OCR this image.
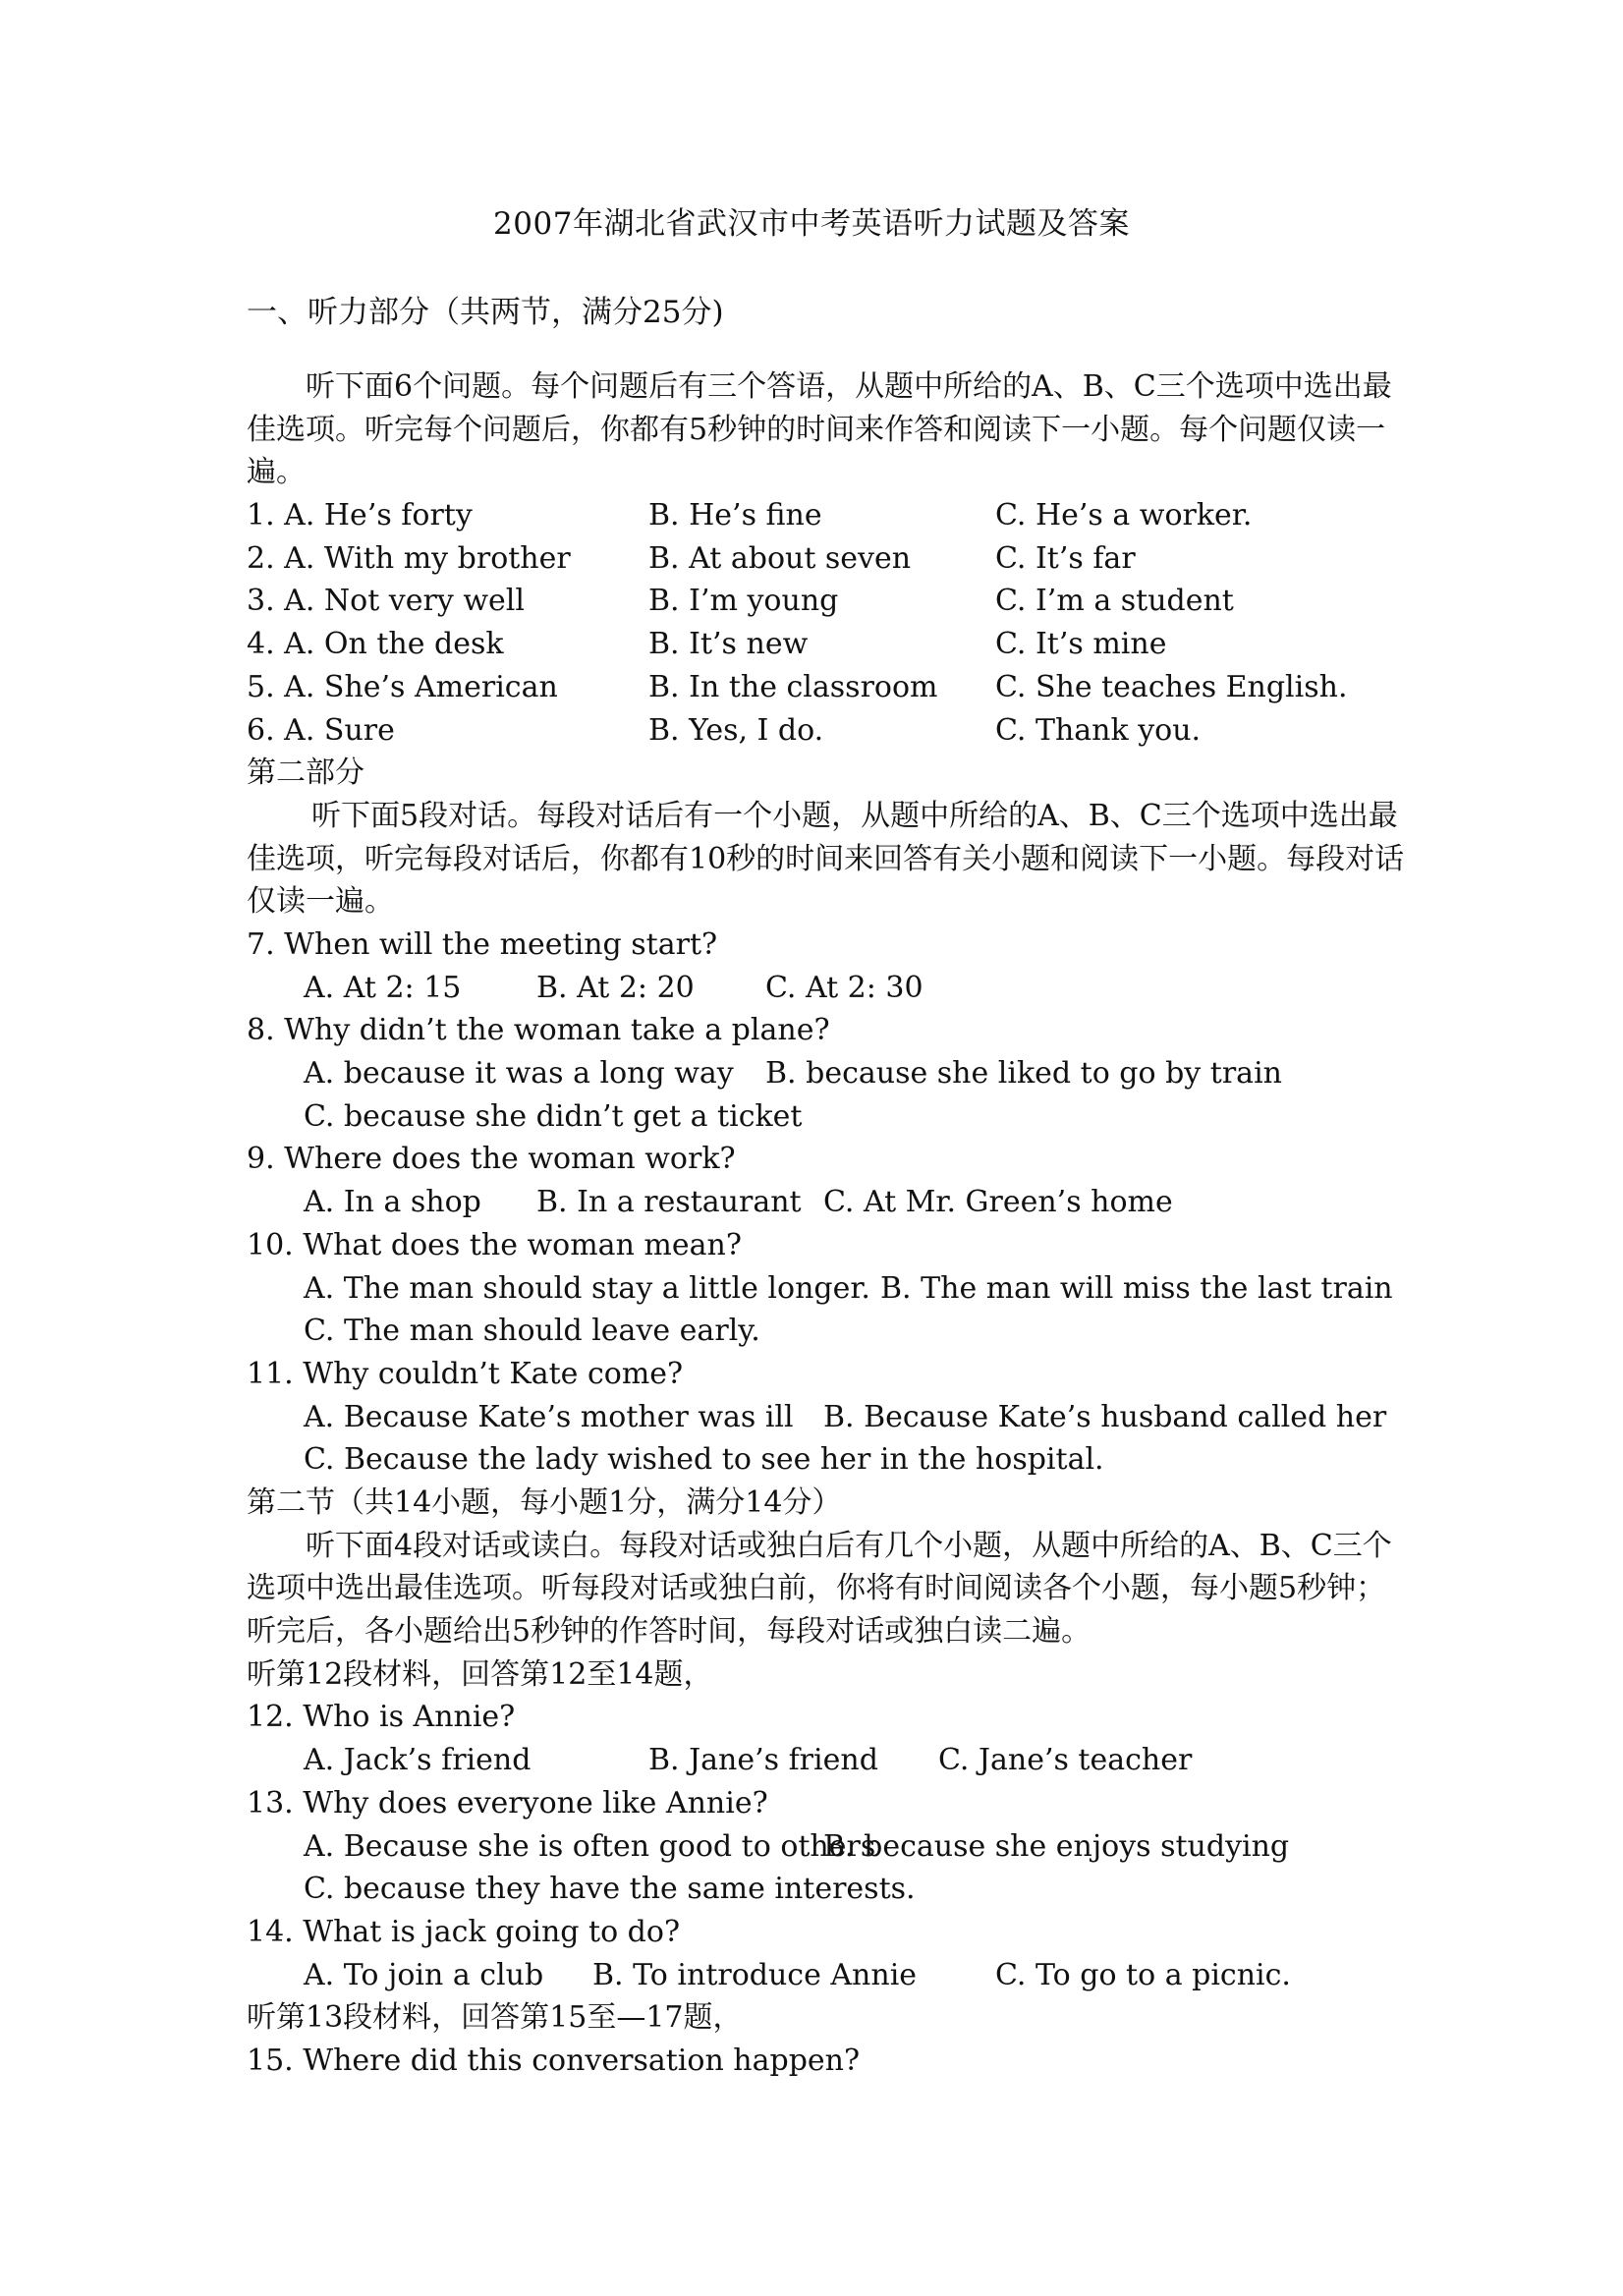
2007年湖北省武汉市中考英语听力试题及答案
一、听力部分（共两节，满分25分)

听下面6个问题。每个问题后有三个答语，从题中所给的A、B、C三个选项中选出最佳选项。听完每个问题后，你都有5秒钟的时间来作答和阅读下一小题。每个问题仅读一遍。

1. A. He’s forty	B. He’s fine	C. He’s a worker.
2. A. With my brother	B. At about seven	C. It’s far
3. A. Not very well	B. I’m young	C. I’m a student
4. A. On the desk	B. It’s new	C. It’s mine
5. A. She’s American	B. In the classroom C. She teaches English.
6. A. Sure	B. Yes, I do.	C. Thank you.
第二部分

听下面5段对话。每段对话后有一个小题，从题中所给的A、B、C三个选项中选出最佳选项，听完每段对话后，你都有10秒的时间来回答有关小题和阅读下一小题。每段对话仅读一遍。

7. When will the meeting start?
A. At 2: 15	B. At 2: 20 C. At 2: 30
8. Why didn’t the woman take a plane?
A. because it was a long way B. because she liked to go by train
C. because she didn’t get a ticket
9. Where does the woman work?
A. In a shop B. In a restaurant C. At Mr. Green’s home
10. What does the woman mean?
A. The man should stay a little longer. B. The man will miss the last train
C. The man should leave early.
11. Why couldn’t Kate come?
A. Because Kate’s mother was ill B. Because Kate’s husband called her
C. Because the lady wished to see her in the hospital.
第二节（共14小题，每小题1分，满分14分）

听下面4段对话或读白。每段对话或独白后有几个小题，从题中所给的A、B、C三个选项中选出最佳选项。听每段对话或独白前，你将有时间阅读各个小题，每小题5秒钟；听完后，各小题给出5秒钟的作答时间，每段对话或独白读二遍。

听第12段材料，回答第12至14题，
12. Who is Annie?
A. Jack’s friend	B. Jane’s friend C. Jane’s teacher
13. Why does everyone like Annie?
A. Because she is often good to others
B. because she enjoys studying
C. because they have the same interests.
14. What is jack going to do?
A. To join a club B. To introduce Annie	C. To go to a picnic.
听第13段材料，回答第15至—17题，
15. Where did this conversation happen?
